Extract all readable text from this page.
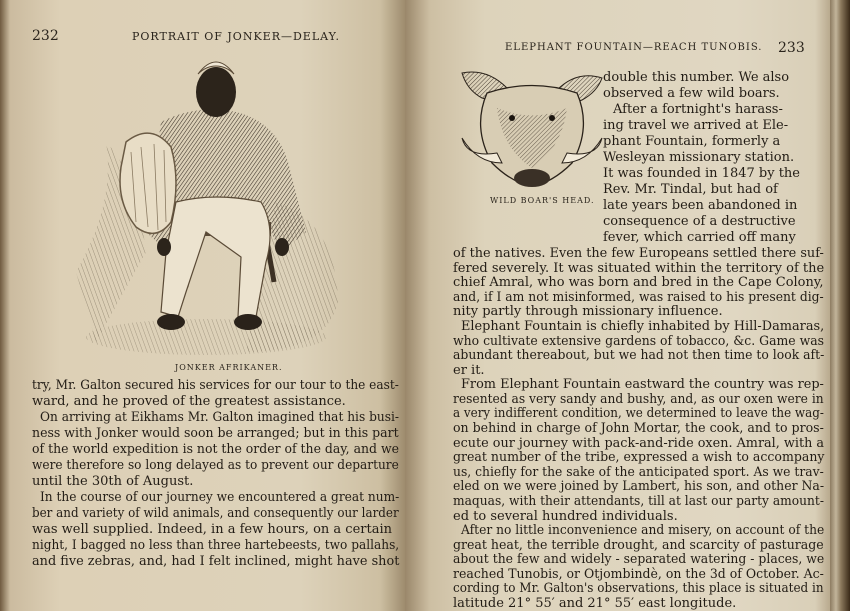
232	PORTRAIT OF JONKER—DELAY.
JONKER AFRIKANER.
try, Mr. Galton secured his services for our tour to the east-
ward, and he proved of the greatest assistance.
On arriving at Eikhams Mr. Galton imagined that his busi-
ness with Jonker would soon be arranged; but in this part
of the world expedition is not the order of the day, and we
were therefore so long delayed as to prevent our departure
until the 30th of August.
In the course of our journey we encountered a great num-
ber and variety of wild animals, and consequently our larder
was well supplied. Indeed, in a few hours, on a certain
night, I bagged no less than three hartebeests, two pallahs,
and five zebras, and, had I felt inclined, might have shot
ELEPHANT FOUNTAIN—REACH TUNOBIS. 233
WILD BOAR'S HEAD.
double this number. We also
observed a few wild boars.
After a fortnight's harass-
ing travel we arrived at Ele-
phant Fountain, formerly a
Wesleyan missionary station.
It was founded in 1847 by the
Rev. Mr. Tindal, but had of
late years been abandoned in
consequence of a destructive
fever, which carried off many
of the natives. Even the few Europeans settled there suf-
fered severely. It was situated within the territory of the
chief Amral, who was born and bred in the Cape Colony,
and, if I am not misinformed, was raised to his present dig-
nity partly through missionary influence.
Elephant Fountain is chiefly inhabited by Hill-Damaras,
who cultivate extensive gardens of tobacco, &c. Game was
abundant thereabout, but we had not then time to look aft-
er it.
From Elephant Fountain eastward the country was rep-
resented as very sandy and bushy, and, as our oxen were in
a very indifferent condition, we determined to leave the wag-
on behind in charge of John Mortar, the cook, and to pros-
ecute our journey with pack-and-ride oxen. Amral, with a
great number of the tribe, expressed a wish to accompany
us, chiefly for the sake of the anticipated sport. As we trav-
eled on we were joined by Lambert, his son, and other Na-
maquas, with their attendants, till at last our party amount-
ed to several hundred individuals.
After no little inconvenience and misery, on account of the
great heat, the terrible drought, and scarcity of pasturage
about the few and widely - separated watering - places, we
reached Tunobis, or Otjombindè, on the 3d of October. Ac-
cording to Mr. Galton's observations, this place is situated in
latitude 21° 55′ and 21° 55′ east longitude.
